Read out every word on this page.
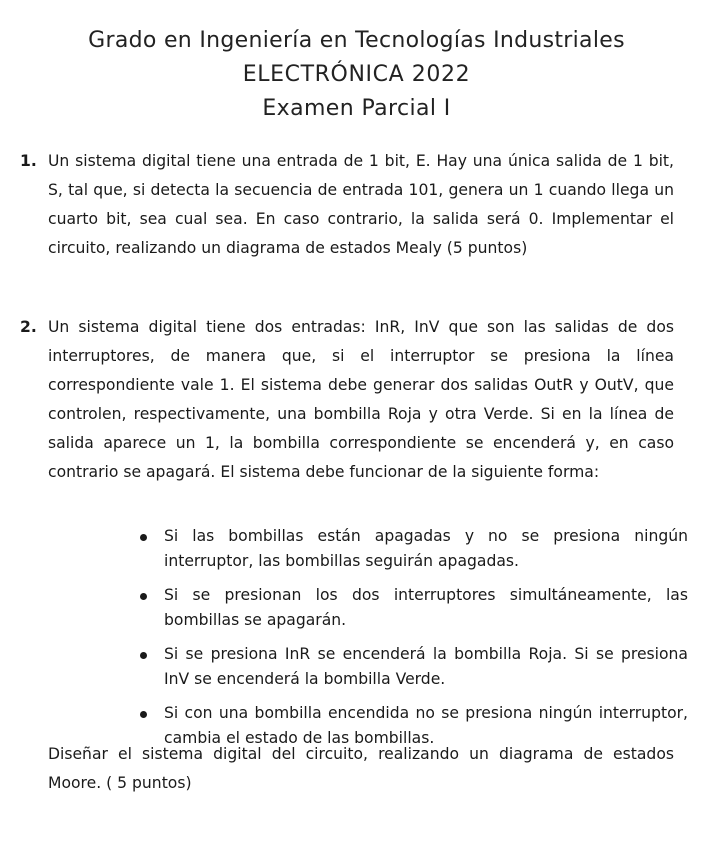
Grado en Ingeniería en Tecnologías Industriales
ELECTRÓNICA 2022
Examen Parcial I
1. Un sistema digital tiene una entrada de 1 bit, E. Hay una única salida de 1 bit, S, tal que, si detecta la secuencia de entrada 101, genera un 1 cuando llega un cuarto bit, sea cual sea. En caso contrario, la salida será 0. Implementar el circuito, realizando un diagrama de estados Mealy (5 puntos)
2. Un sistema digital tiene dos entradas: InR, InV que son las salidas de dos interruptores, de manera que, si el interruptor se presiona la línea correspondiente vale 1. El sistema debe generar dos salidas OutR y OutV, que controlen, respectivamente, una bombilla Roja y otra Verde. Si en la línea de salida aparece un 1, la bombilla correspondiente se encenderá y, en caso contrario se apagará. El sistema debe funcionar de la siguiente forma:
Si las bombillas están apagadas y no se presiona ningún interruptor, las bombillas seguirán apagadas.
Si se presionan los dos interruptores simultáneamente, las bombillas se apagarán.
Si se presiona InR se encenderá la bombilla Roja. Si se presiona InV se encenderá la bombilla Verde.
Si con una bombilla encendida no se presiona ningún interruptor, cambia el estado de las bombillas.
Diseñar el sistema digital del circuito, realizando un diagrama de estados Moore. ( 5 puntos)
